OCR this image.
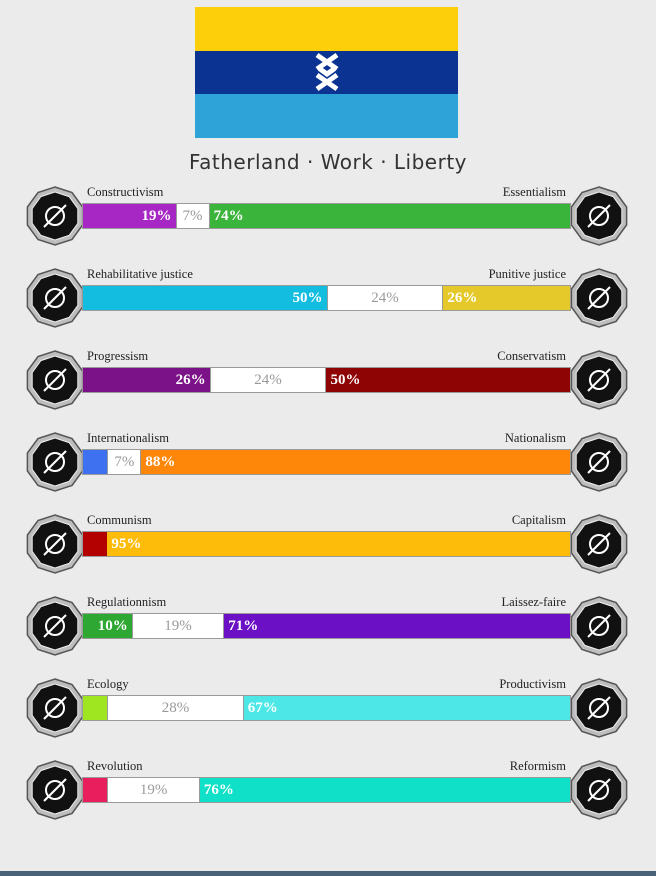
Fatherland · Work · Liberty
Constructivism	Essentialism
19% 7% 74%
Rehabilitative justice	Punitive justice
50%	24%	26%
Progressism	Conservatism
26%	24%	50%
Internationalism	Nationalism
7% 88%
Communism	Capitalism
95%
Regulationnism	Laissez-faire
10%	19%	71%
Ecology	Productivism
28%	67%
Revolution	Reformism
19%	76%
